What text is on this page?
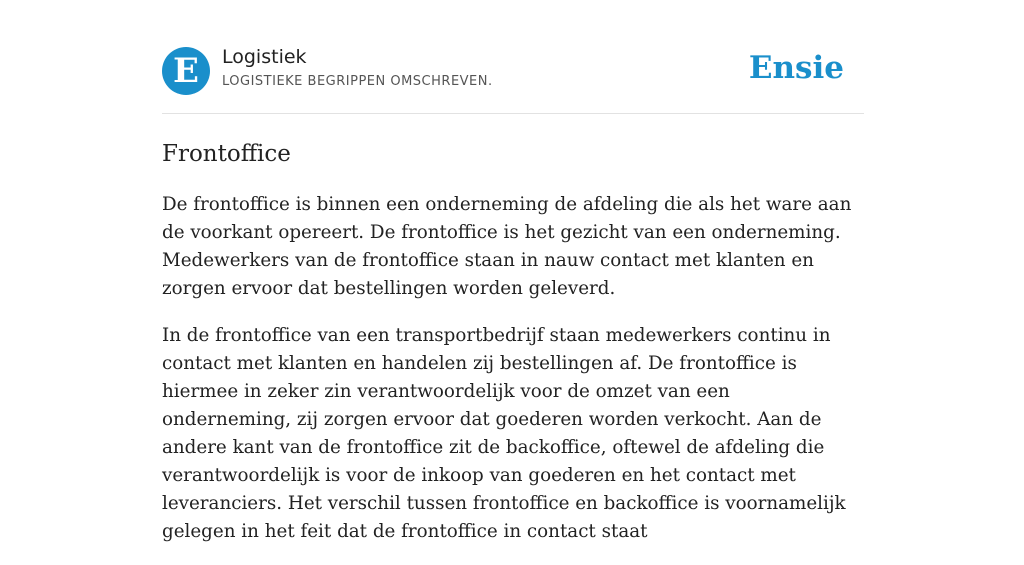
E	Logistiek
LOGISTIEKE BEGRIPPEN OMSCHREVEN.	Ensie
Frontoffice

De frontoffice is binnen een onderneming de afdeling die als het ware aan de voorkant opereert. De frontoffice is het gezicht van een onderneming. Medewerkers van de frontoffice staan in nauw contact met klanten en zorgen ervoor dat bestellingen worden geleverd.

In de frontoffice van een transportbedrijf staan medewerkers continu in contact met klanten en handelen zij bestellingen af. De frontoffice is hiermee in zeker zin verantwoordelijk voor de omzet van een onderneming, zij zorgen ervoor dat goederen worden verkocht. Aan de andere kant van de frontoffice zit de backoffice, oftewel de afdeling die verantwoordelijk is voor de inkoop van goederen en het contact met leveranciers. Het verschil tussen frontoffice en backoffice is voornamelijk gelegen in het feit dat de frontoffice in contact staat
